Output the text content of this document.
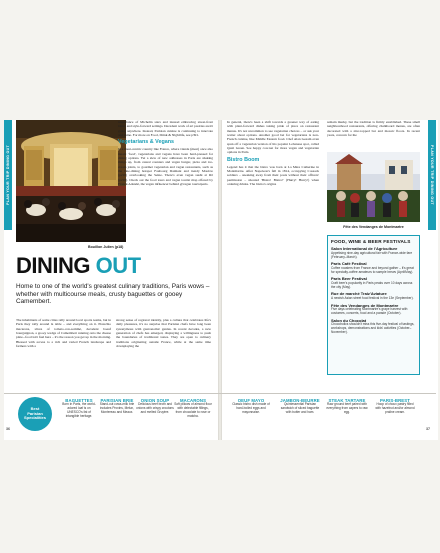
PLAN YOUR TRIP DINING OUT	PLAN YOUR TRIP DINING OUT
Bouillon Julien (p18)
DINING OUT
Home to one of the world's greatest culinary traditions, Paris wows – whether with multicourse meals, crusty baguettes or gooey Camembert.
The inhabitants of some cities rally around local sports teams, but in Paris they rally around la table – and everything on it. Pistachio macarons, slices of tomato-con-sommé, decadent boeuf bourguignon, a gooey wedge of Camembert running onto the cheese plate...food isn't fuel here – it's the reason you get up in the morning. Blessed with access to a rich and varied French landscape and farmers with a
strong sense of regional identity, plus a culture that celebrates life's daily pleasures, it's no surprise that Parisian chefs have long been synonymous with gastronomic genius. In recent decades, a new generation of chefs has emerged, displaying a willingness to push the boundaries of traditional tastes. They are open to culinary traditions originating outside France, while at the same time downplaying the

importance of Michelin stars and instead embracing street-front bistro and style-forward settings. Decadent work of art pastries aren't going anywhere. Instead, Parisian cuisine is continuing to innovate and shine. For more on Food, Drink & Nightlife, see p391.

Vegetarians & Vegans

In a meat-centric country like France, where viande (meat) once also meant 'food', vegetarians and vegans have been hard-pressed for dining options. Yet a slew of new addresses in Paris are shaking things up, from casual counters and vegan burger, pizza and ice-cream joints, to gourmet vegetarian and vegan restaurants, such as the fine-dining hotspot Faubourg Daimant and trendy Maslow (p218) overlooking the Seine. There's even vegan sushi at Rō (p218). Check out the food tours and vegan tourist map offered by Franck Adandé, the vegan influencer behind @vegan touristparis.

In general, there's been a shift towards a greener way of eating with plant-forward dishes taking pride of place on restaurant menus. It's not uncommon to see vegetarian choices – or ask your waiter about options. Another good bet for vegetarians is non-French cuisine, like Middle Eastern food. Chef Alan Geaam even spun off a vegetarian version of his popular Lebanese spot, called Qasti Green. See happy cow.net for more vegan and vegetarian options in Paris.

Bistro Boom

Legend has it that the bistro was born at La Mère Catherine in Montmartre. After Napoleon's fall in 1814, occupying Cossack soldiers – sneaking away from their posts without their officers' permission – shouted 'Bistro! Bistro!' (Hurry! Hurry!) when ordering drinks. The bistro's origins

remain murky, but the tradition is firmly established. These small neighbourhood restaurants, offering chalkboard menus, are often decorated with a zinc-topped bar and mosaic floors. In recent years, concern for the
Fête des Vendanges de Montmartre
FOOD, WINE & BEER FESTIVALS
Salon International de l'Agriculture
Appetising nine-day agricultural fair with France-wide fare (February–March).
Paris Café Festival
Coffee roasters from France and beyond gather – it's great for specialty-coffee amateurs to sample brews (April/May).
Paris Beer Festival
Craft beer's popularity in Paris peaks over 10 days across the city (May).
Rue de marché Traiz'Aviature
A newish Asian street food festival in the 13e (September).
Fête des Vendanges de Montmartre
Five days celebrating Montmartre's grape harvest with costumes, concerts, food and a parade (October).
Salon du Chocolat
Chocoholics shouldn't miss this five-day festival of tastings, workshops, demonstrations and kids' activities (October–November).
Best
Parisian
Specialities
BAGUETTES
Born in Paris, the world-adored loaf is on UNESCO's list of intangible heritage.
PARISIAN BRIE
Stand-out cows-milk brie includes Provins, Melun, Montereau and Meaux.
ONION SOUP
Delicious beef broth and onions with crispy croutons and melted Gruyère.
MACARONS
Soft pillows of almond flour with delectable fillings, from chocolate to rose or matcha.
OEUF MAYO
Classic bistro dish made of hard-boiled eggs and mayonnaise.
JAMBON-BEURRE
Quintessential Parisian sandwich of sliced baguette with butter and ham.
STEAK TARTARE
Raw ground beef paired with everything from capers to raw egg.
PARIS-BREST
Hoop of choux pastry filled with hazelnut and/or almond praline cream.
36	37
